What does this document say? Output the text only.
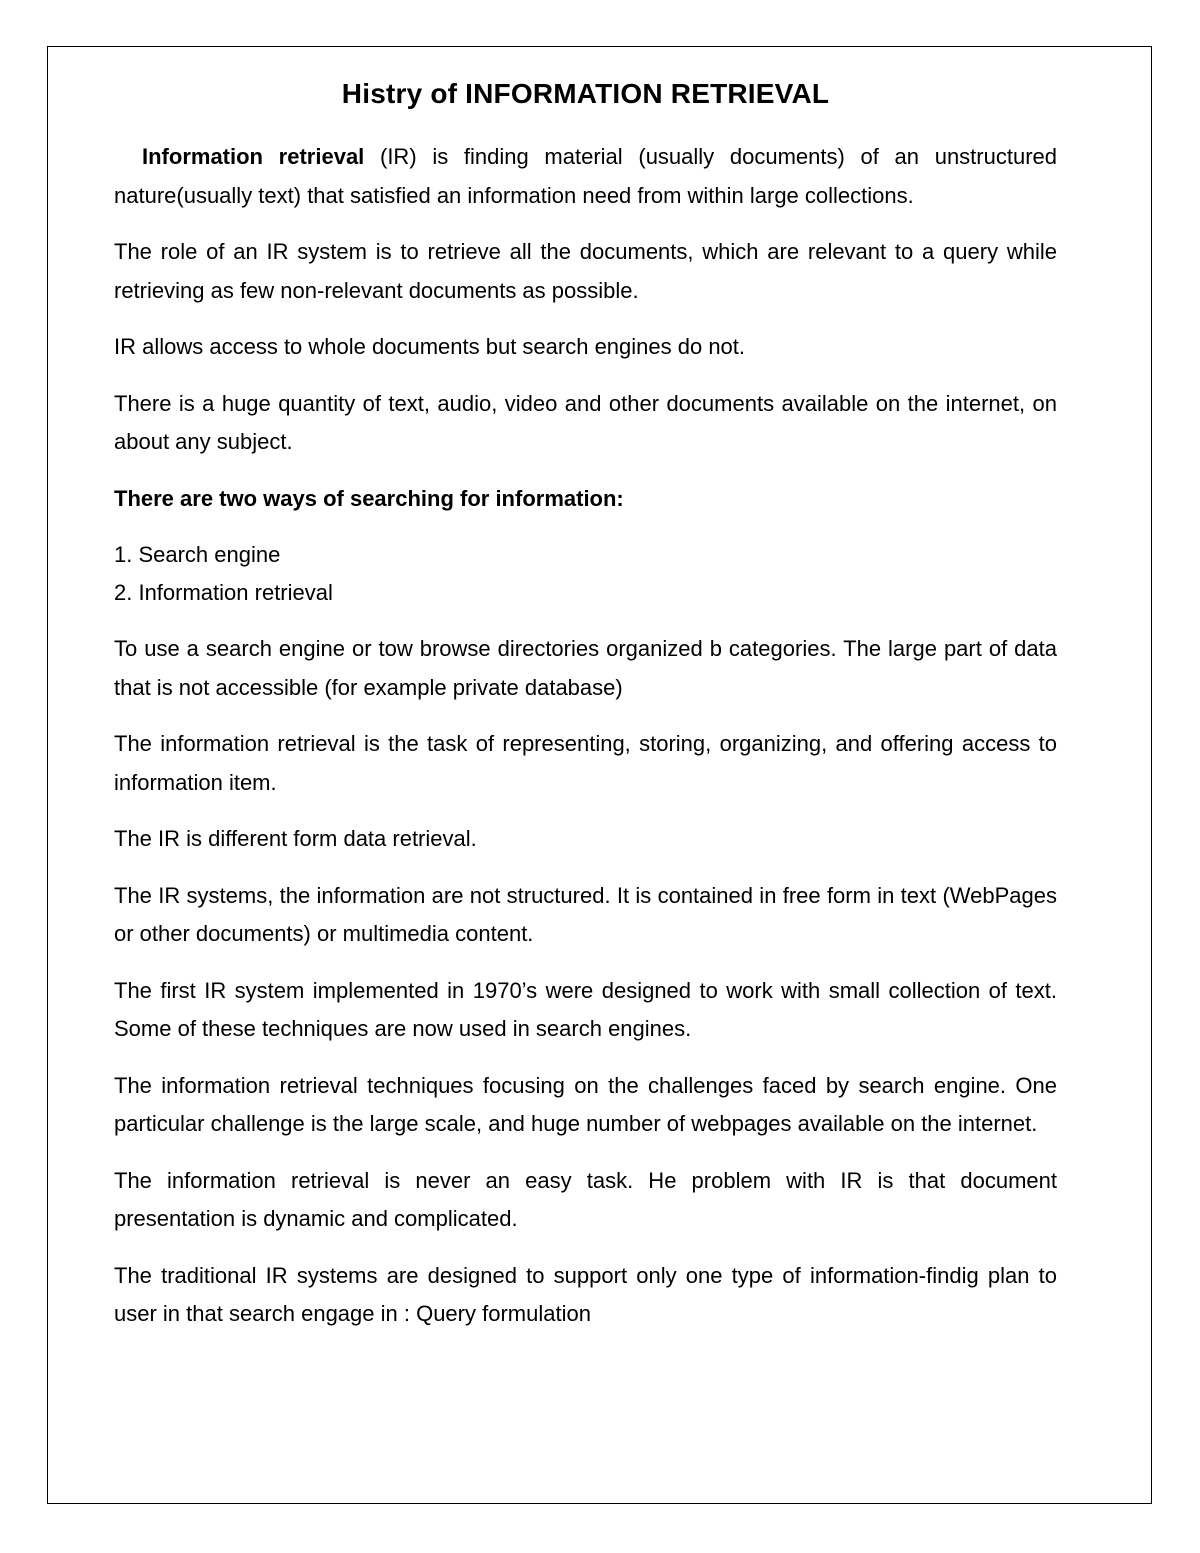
Histry of INFORMATION RETRIEVAL

Information retrieval (IR) is finding material (usually documents) of an unstructured nature(usually text) that satisfied an information need from within large collections.

The role of an IR system is to retrieve all the documents, which are relevant to a query while retrieving as few non-relevant documents as possible.

IR allows access to whole documents but search engines do not.

There is a huge quantity of text, audio, video and other documents available on the internet, on about any subject.

There are two ways of searching for information:

1. Search engine
2. Information retrieval

To use a search engine or tow browse directories organized b categories. The large part of data that is not accessible (for example private database)

The information retrieval is the task of representing, storing, organizing, and offering access to information item.

The IR is different form data retrieval.

The IR systems, the information are not structured. It is contained in free form in text (WebPages or other documents) or multimedia content.

The first IR system implemented in 1970’s were designed to work with small collection of text. Some of these techniques are now used in search engines.

The information retrieval techniques focusing on the challenges faced by search engine. One particular challenge is the large scale, and huge number of webpages available on the internet.

The information retrieval is never an easy task. He problem with IR is that document presentation is dynamic and complicated.

The traditional IR systems are designed to support only one type of information-findig plan to user in that search engage in : Query formulation
